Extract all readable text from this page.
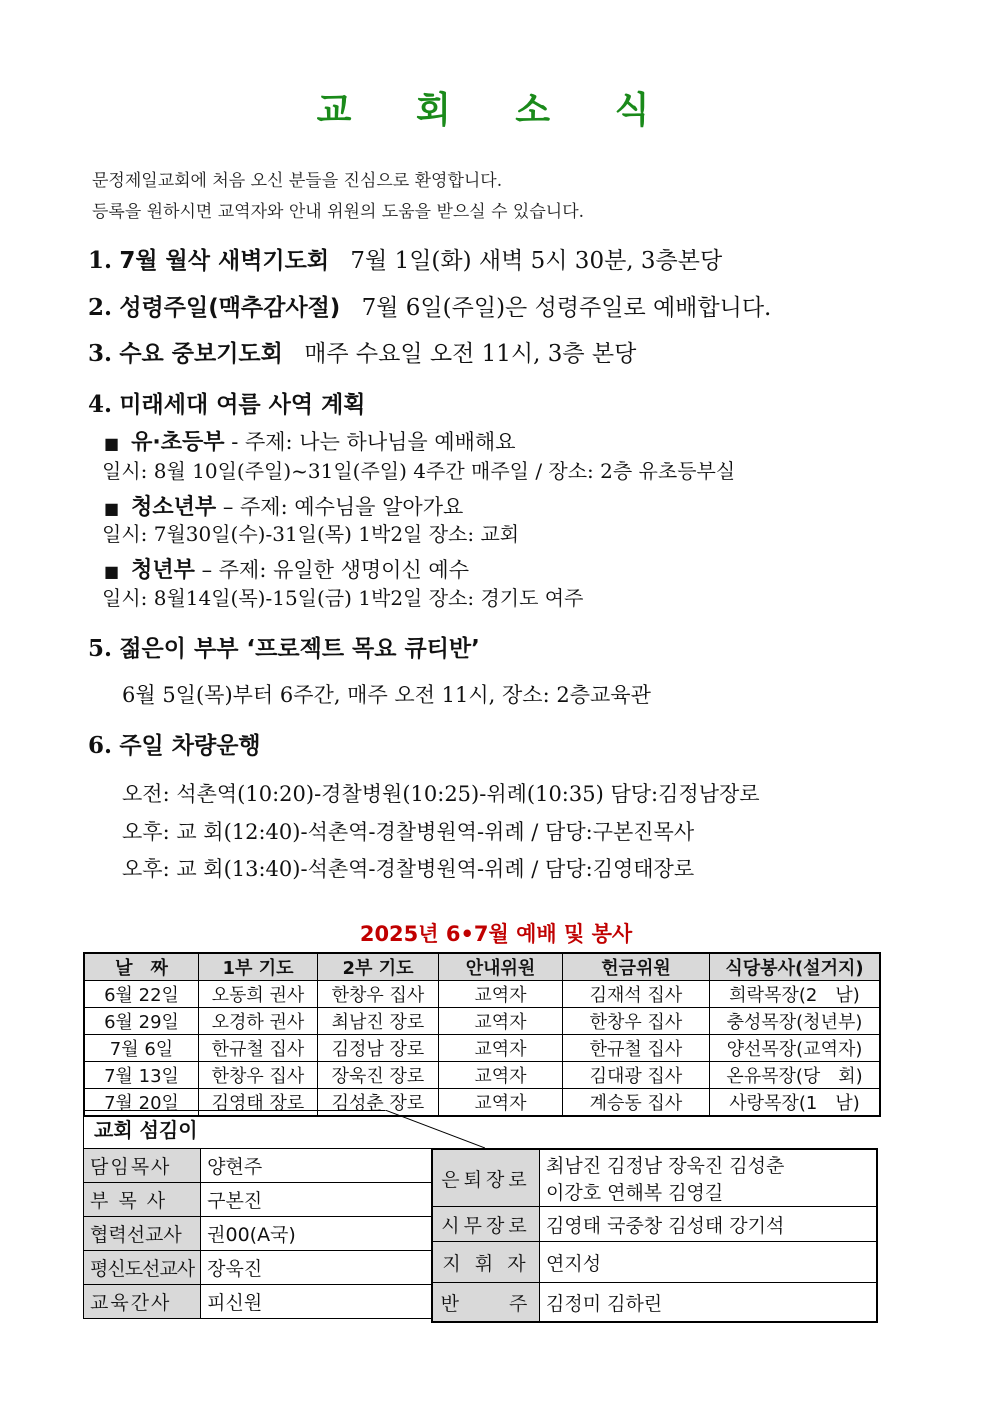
교 회 소 식
문정제일교회에 처음 오신 분들을 진심으로 환영합니다.
등록을 원하시면 교역자와 안내 위원의 도움을 받으실 수 있습니다.
1. 7월 월삭 새벽기도회 7월 1일(화) 새벽 5시 30분, 3층본당
2. 성령주일(맥추감사절) 7월 6일(주일)은 성령주일로 예배합니다.
3. 수요 중보기도회 매주 수요일 오전 11시, 3층 본당
4. 미래세대 여름 사역 계획
■ 유·초등부 - 주제: 나는 하나님을 예배해요
일시: 8월 10일(주일)~31일(주일) 4주간 매주일 / 장소: 2층 유초등부실
■ 청소년부 – 주제: 예수님을 알아가요
일시: 7월30일(수)-31일(목) 1박2일 장소: 교회
■ 청년부 – 주제: 유일한 생명이신 예수
일시: 8월14일(목)-15일(금) 1박2일 장소: 경기도 여주
5. 젊은이 부부 ‘프로젝트 목요 큐티반’
6월 5일(목)부터 6주간, 매주 오전 11시, 장소: 2층교육관
6. 주일 차량운행
오전: 석촌역(10:20)-경찰병원(10:25)-위례(10:35) 담당:김정남장로
오후: 교 회(12:40)-석촌역-경찰병원역-위례 / 담당:구본진목사
오후: 교 회(13:40)-석촌역-경찰병원역-위례 / 담당:김영태장로
2025년 6•7월 예배 및 봉사
날　짜	1부 기도	2부 기도	안내위원	헌금위원	식당봉사(설거지)
6월 22일	오동희 권사	한창우 집사	교역자	김재석 집사	희락목장(2　남)
6월 29일	오경하 권사	최남진 장로	교역자	한창우 집사	충성목장(청년부)
7월 6일	한규철 집사	김정남 장로	교역자	한규철 집사	양선목장(교역자)
7월 13일	한창우 집사	장욱진 장로	교역자	김대광 집사	온유목장(당　회)
7월 20일	김영태 장로	김성춘 장로	교역자	계승동 집사	사랑목장(1　남)
교회 섬김이
담임목사	양현주
부 목 사	구본진
협력선교사	권00(A국)
평신도선교사	장욱진
교육간사	피신원
은퇴장로	최남진 김정남 장욱진 김성춘
이강호 연해복 김영길

시무장로	김영태 국중창 김성태 강기석
지 휘 자	연지성
반　　주	김정미 김하린
